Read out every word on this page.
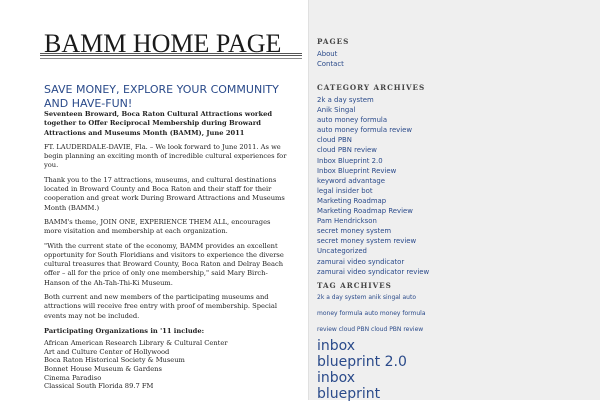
BAMM HOME PAGE
SAVE MONEY, EXPLORE YOUR COMMUNITY AND HAVE-FUN!

Seventeen Broward, Boca Raton Cultural Attractions worked together to Offer Reciprocal Membership during Broward Attractions and Museums Month (BAMM), June 2011

FT. LAUDERDALE-DAVIE, Fla. – We look forward to June 2011. As we begin planning an exciting month of incredible cultural experiences for you.

Thank you to the 17 attractions, museums, and cultural destinations located in Broward County and Boca Raton and their staff for their cooperation and great work During Broward Attractions and Museums Month (BAMM.)

BAMM's theme, JOIN ONE, EXPERIENCE THEM ALL, encourages more visitation and membership at each organization.

"With the current state of the economy, BAMM provides an excellent opportunity for South Floridians and visitors to experience the diverse cultural treasures that Broward County, Boca Raton and Delray Beach offer – all for the price of only one membership," said Mary Birch-Hanson of the Ah-Tah-Thi-Ki Museum.

Both current and new members of the participating museums and attractions will receive free entry with proof of membership. Special events may not be included.

Participating Organizations in '11 include:

African American Research Library & Cultural Center
Art and Culture Center of Hollywood
Boca Raton Historical Society & Museum
Bonnet House Museum & Gardens
Cinema Paradiso
Classical South Florida 89.7 FM
PAGES
About
Contact
CATEGORY ARCHIVES
2k a day system
Anik Singal
auto money formula
auto money formula review
cloud PBN
cloud PBN review
Inbox Blueprint 2.0
Inbox Blueprint Review
keyword advantage
legal insider bot
Marketing Roadmap
Marketing Roadmap Review
Pam Hendrickson
secret money system
secret money system review
Uncategorized
zamurai video syndicator
zamurai video syndicator review
TAG ARCHIVES
2k a day system anik singal auto
money formula auto money formula
review cloud PBN cloud PBN review
inbox
blueprint 2.0
inbox
blueprint
